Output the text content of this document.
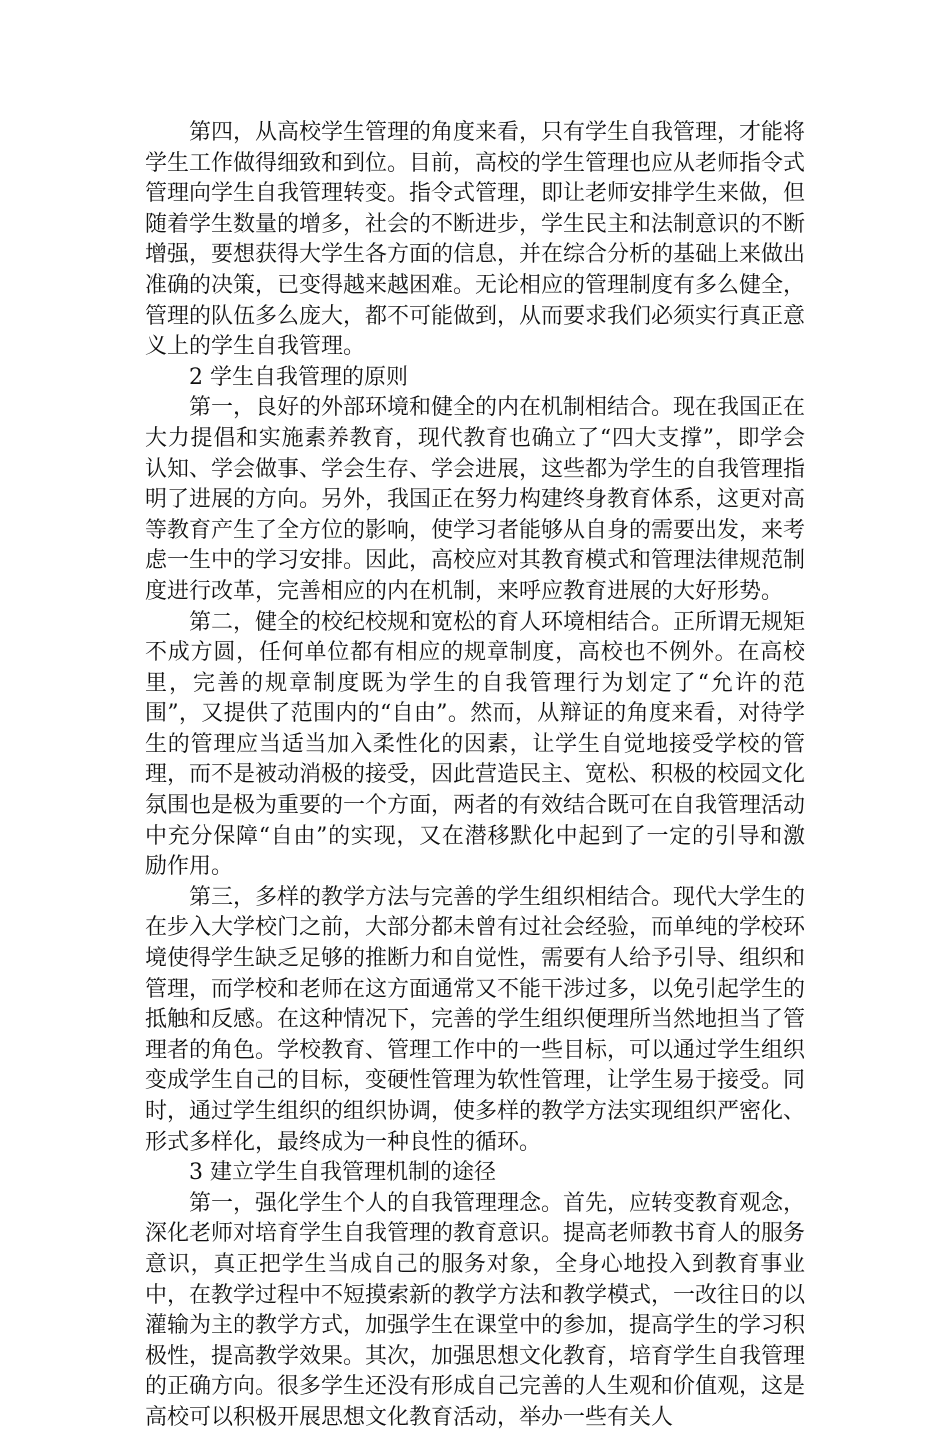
第四，从高校学生管理的角度来看，只有学生自我管理，才能将学生工作做得细致和到位。目前，高校的学生管理也应从老师指令式管理向学生自我管理转变。指令式管理，即让老师安排学生来做，但随着学生数量的增多，社会的不断进步，学生民主和法制意识的不断增强，要想获得大学生各方面的信息，并在综合分析的基础上来做出准确的决策，已变得越来越困难。无论相应的管理制度有多么健全，管理的队伍多么庞大，都不可能做到，从而要求我们必须实行真正意义上的学生自我管理。

2 学生自我管理的原则

第一，良好的外部环境和健全的内在机制相结合。现在我国正在大力提倡和实施素养教育，现代教育也确立了“四大支撑”，即学会认知、学会做事、学会生存、学会进展，这些都为学生的自我管理指明了进展的方向。另外，我国正在努力构建终身教育体系，这更对高等教育产生了全方位的影响，使学习者能够从自身的需要出发，来考虑一生中的学习安排。因此，高校应对其教育模式和管理法律规范制度进行改革，完善相应的内在机制，来呼应教育进展的大好形势。

第二，健全的校纪校规和宽松的育人环境相结合。正所谓无规矩不成方圆，任何单位都有相应的规章制度，高校也不例外。在高校里，完善的规章制度既为学生的自我管理行为划定了“允许的范围”，又提供了范围内的“自由”。然而，从辩证的角度来看，对待学生的管理应当适当加入柔性化的因素，让学生自觉地接受学校的管理，而不是被动消极的接受，因此营造民主、宽松、积极的校园文化氛围也是极为重要的一个方面，两者的有效结合既可在自我管理活动中充分保障“自由”的实现，又在潜移默化中起到了一定的引导和激励作用。

第三，多样的教学方法与完善的学生组织相结合。现代大学生的在步入大学校门之前，大部分都未曾有过社会经验，而单纯的学校环境使得学生缺乏足够的推断力和自觉性，需要有人给予引导、组织和管理，而学校和老师在这方面通常又不能干涉过多，以免引起学生的抵触和反感。在这种情况下，完善的学生组织便理所当然地担当了管理者的角色。学校教育、管理工作中的一些目标，可以通过学生组织变成学生自己的目标，变硬性管理为软性管理，让学生易于接受。同时，通过学生组织的组织协调，使多样的教学方法实现组织严密化、形式多样化，最终成为一种良性的循环。

3 建立学生自我管理机制的途径

第一，强化学生个人的自我管理理念。首先，应转变教育观念，深化老师对培育学生自我管理的教育意识。提高老师教书育人的服务意识，真正把学生当成自己的服务对象，全身心地投入到教育事业中，在教学过程中不短摸索新的教学方法和教学模式，一改往日的以灌输为主的教学方式，加强学生在课堂中的参加，提高学生的学习积极性，提高教学效果。其次，加强思想文化教育，培育学生自我管理的正确方向。很多学生还没有形成自己完善的人生观和价值观，这是高校可以积极开展思想文化教育活动，举办一些有关人
